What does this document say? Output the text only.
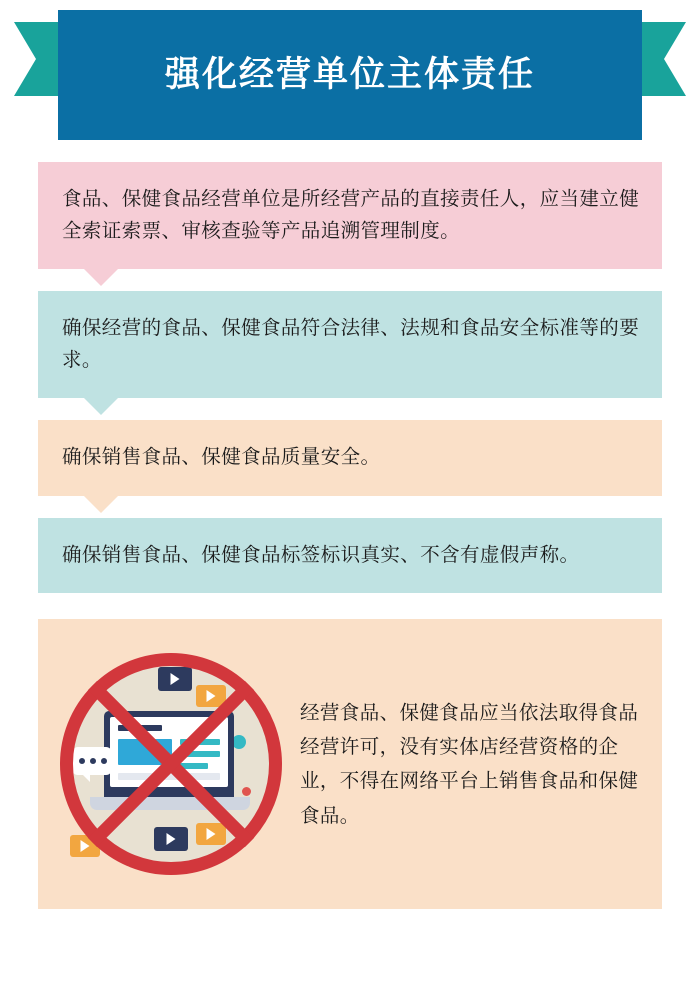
强化经营单位主体责任

食品、保健食品经营单位是所经营产品的直接责任人，应当建立健全索证索票、审核查验等产品追溯管理制度。

确保经营的食品、保健食品符合法律、法规和食品安全标准等的要求。

确保销售食品、保健食品质量安全。

确保销售食品、保健食品标签标识真实、不含有虚假声称。

经营食品、保健食品应当依法取得食品经营许可，没有实体店经营资格的企业，不得在网络平台上销售食品和保健食品。
